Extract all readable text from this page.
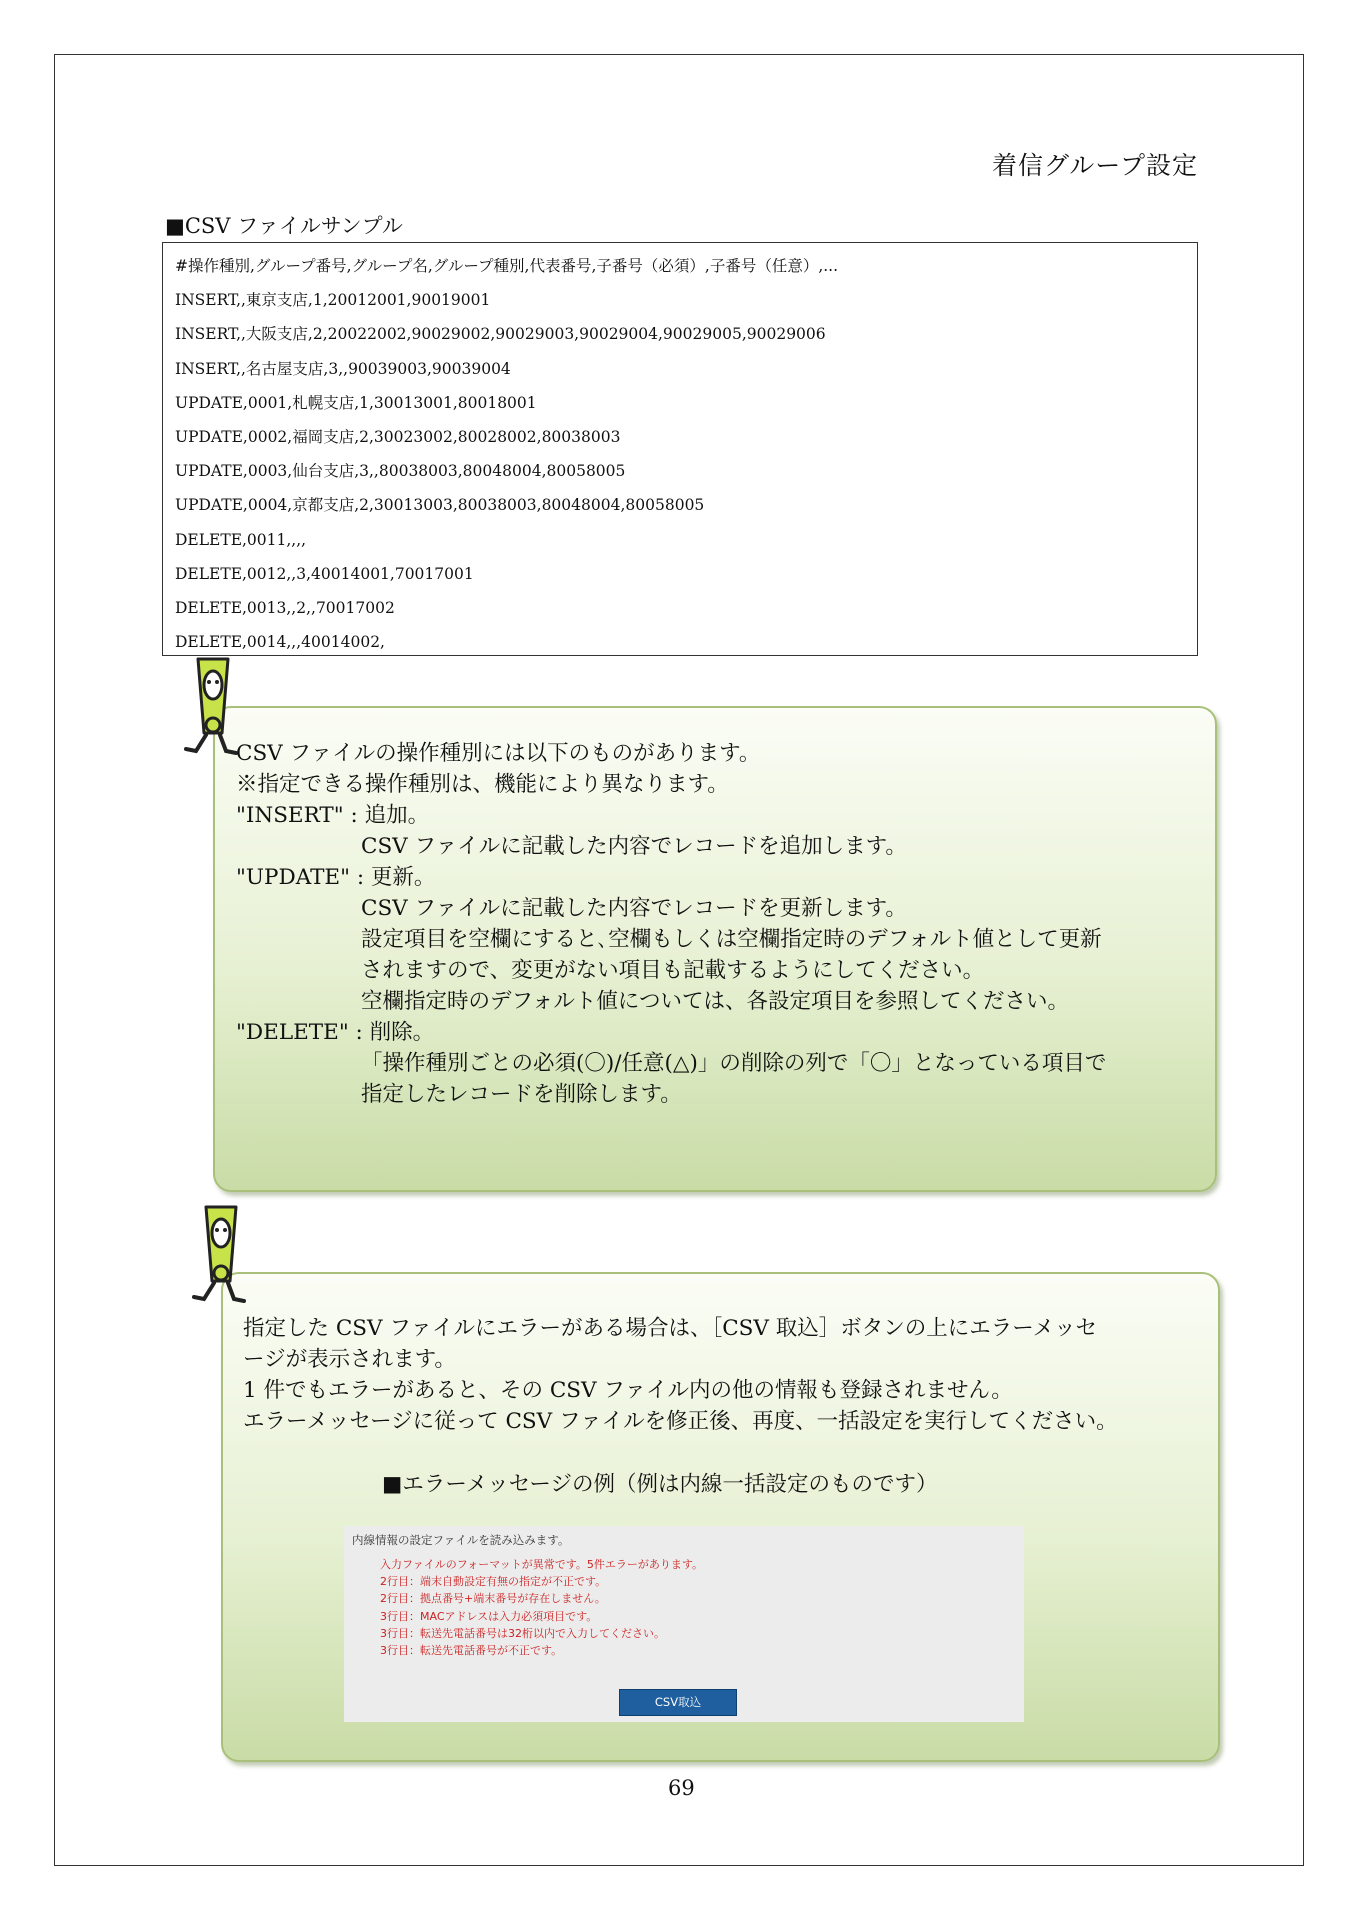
着信グループ設定
■CSV ファイルサンプル
#操作種別,グループ番号,グループ名,グループ種別,代表番号,子番号（必須）,子番号（任意）,...
INSERT,,東京支店,1,20012001,90019001
INSERT,,大阪支店,2,20022002,90029002,90029003,90029004,90029005,90029006
INSERT,,名古屋支店,3,,90039003,90039004
UPDATE,0001,札幌支店,1,30013001,80018001
UPDATE,0002,福岡支店,2,30023002,80028002,80038003
UPDATE,0003,仙台支店,3,,80038003,80048004,80058005
UPDATE,0004,京都支店,2,30013003,80038003,80048004,80058005
DELETE,0011,,,,
DELETE,0012,,3,40014001,70017001
DELETE,0013,,2,,70017002
DELETE,0014,,,40014002,
CSV ファイルの操作種別には以下のものがあります。
※指定できる操作種別は、機能により異なります。
"INSERT" : 追加。
CSV ファイルに記載した内容でレコードを追加します。
"UPDATE" : 更新。
CSV ファイルに記載した内容でレコードを更新します。
設定項目を空欄にすると､空欄もしくは空欄指定時のデフォルト値として更新
されますので、変更がない項目も記載するようにしてください。
空欄指定時のデフォルト値については、各設定項目を参照してください。
"DELETE" : 削除。
「操作種別ごとの必須(〇)/任意(△)」の削除の列で「〇」となっている項目で
指定したレコードを削除します。
指定した CSV ファイルにエラーがある場合は、［CSV 取込］ボタンの上にエラーメッセ
ージが表示されます。
1 件でもエラーがあると、その CSV ファイル内の他の情報も登録されません。
エラーメッセージに従って CSV ファイルを修正後、再度、一括設定を実行してください。
■エラーメッセージの例（例は内線一括設定のものです）
内線情報の設定ファイルを読み込みます。
入力ファイルのフォーマットが異常です。5件エラーがあります。
2行目：端末自動設定有無の指定が不正です。
2行目：拠点番号+端末番号が存在しません。
3行目：MACアドレスは入力必須項目です。
3行目：転送先電話番号は32桁以内で入力してください。
3行目：転送先電話番号が不正です。
CSV取込
69
